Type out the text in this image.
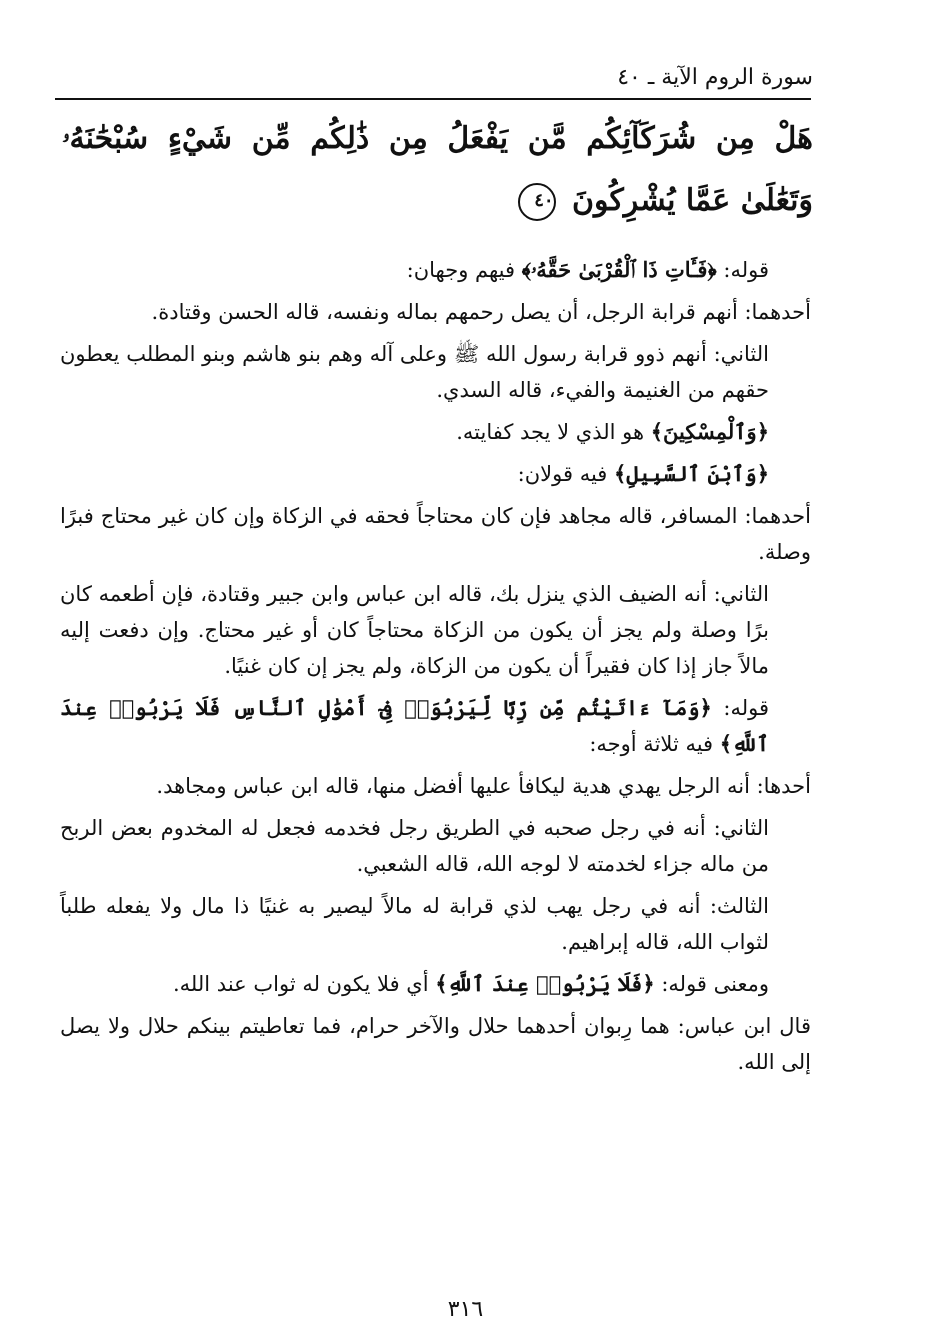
سورة الروم الآية ـ ٤٠
هَلْ مِن شُرَكَآئِكُم مَّن يَفْعَلُ مِن ذَٰلِكُم مِّن شَيْءٍ سُبْحَٰنَهُۥ وَتَعَٰلَىٰ عَمَّا يُشْرِكُونَ ٤٠

قوله: ﴿فَـَٔاتِ ذَا ٱلْقُرْبَىٰ حَقَّهُۥ﴾ فيهم وجهان:

أحدهما: أنهم قرابة الرجل، أن يصل رحمهم بماله ونفسه، قاله الحسن وقتادة.

الثاني: أنهم ذوو قرابة رسول الله ﷺ وعلى آله وهم بنو هاشم وبنو المطلب يعطون حقهم من الغنيمة والفيء، قاله السدي.

﴿وَٱلْمِسْكِينَ﴾ هو الذي لا يجد كفايته.

﴿وَٱبْنَ ٱلسَّبِيلِ﴾ فيه قولان:

أحدهما: المسافر، قاله مجاهد فإن كان محتاجاً فحقه في الزكاة وإن كان غير محتاج فبرًا وصلة.

الثاني: أنه الضيف الذي ينزل بك، قاله ابن عباس وابن جبير وقتادة، فإن أطعمه كان برًا وصلة ولم يجز أن يكون من الزكاة محتاجاً كان أو غير محتاج. وإن دفعت إليه مالاً جاز إذا كان فقيراً أن يكون من الزكاة، ولم يجز إن كان غنيًا.

قوله: ﴿وَمَآ ءَاتَيْتُم مِّن رِّبًا لِّيَرْبُوَا۟ فِىٓ أَمْوَٰلِ ٱلنَّاسِ فَلَا يَرْبُوا۟ عِندَ ٱللَّهِ﴾ فيه ثلاثة أوجه:

أحدها: أنه الرجل يهدي هدية ليكافأ عليها أفضل منها، قاله ابن عباس ومجاهد.

الثاني: أنه في رجل صحبه في الطريق رجل فخدمه فجعل له المخدوم بعض الربح من ماله جزاء لخدمته لا لوجه الله، قاله الشعبي.

الثالث: أنه في رجل يهب لذي قرابة له مالاً ليصير به غنيًا ذا مال ولا يفعله طلباً لثواب الله، قاله إبراهيم.

ومعنى قوله: ﴿فَلَا يَرْبُوا۟ عِندَ ٱللَّهِ﴾ أي فلا يكون له ثواب عند الله.

قال ابن عباس: هما رِبوان أحدهما حلال والآخر حرام، فما تعاطيتم بينكم حلال ولا يصل إلى الله.

٣١٦
